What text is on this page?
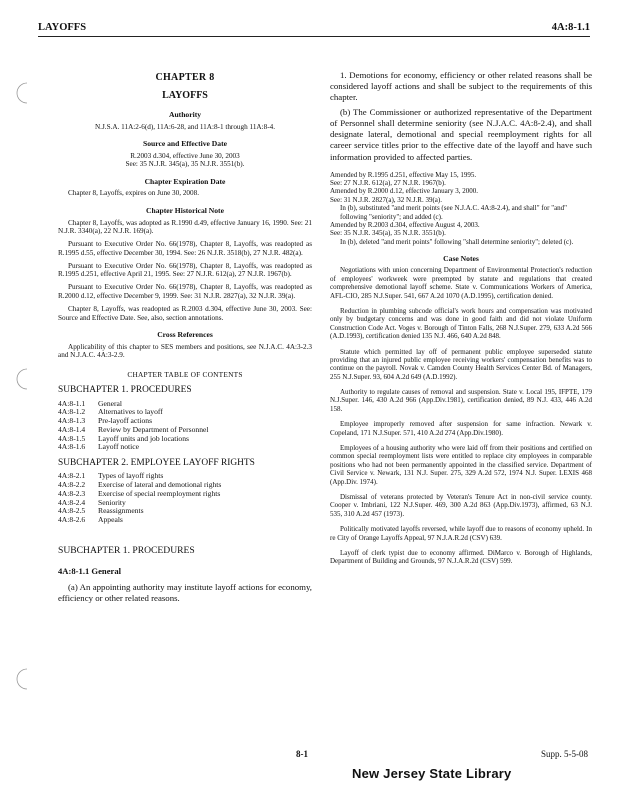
LAYOFFS	4A:8-1.1
CHAPTER 8
LAYOFFS
Authority
N.J.S.A. 11A:2-6(d), 11A:6-28, and 11A:8-1 through 11A:8-4.
Source and Effective Date
R.2003 d.304, effective June 30, 2003
See: 35 N.J.R. 345(a), 35 N.J.R. 3551(b).
Chapter Expiration Date
Chapter 8, Layoffs, expires on June 30, 2008.
Chapter Historical Note
Chapter 8, Layoffs, was adopted as R.1990 d.49, effective January 16, 1990. See: 21 N.J.R. 3340(a), 22 N.J.R. 169(a).
Pursuant to Executive Order No. 66(1978), Chapter 8, Layoffs, was readopted as R.1995 d.55, effective December 30, 1994. See: 26 N.J.R. 3518(b), 27 N.J.R. 482(a).
Pursuant to Executive Order No. 66(1978), Chapter 8, Layoffs, was readopted as R.1995 d.251, effective April 21, 1995. See: 27 N.J.R. 612(a), 27 N.J.R. 1967(b).
Pursuant to Executive Order No. 66(1978), Chapter 8, Layoffs, was readopted as R.2000 d.12, effective December 9, 1999. See: 31 N.J.R. 2827(a), 32 N.J.R. 39(a).
Chapter 8, Layoffs, was readopted as R.2003 d.304, effective June 30, 2003. See: Source and Effective Date. See, also, section annotations.
Cross References
Applicability of this chapter to SES members and positions, see N.J.A.C. 4A:3-2.3 and N.J.A.C. 4A:3-2.9.
CHAPTER TABLE OF CONTENTS
SUBCHAPTER 1. PROCEDURES
4A:8-1.1	General
4A:8-1.2	Alternatives to layoff
4A:8-1.3	Pre-layoff actions
4A:8-1.4	Review by Department of Personnel
4A:8-1.5	Layoff units and job locations
4A:8-1.6	Layoff notice
SUBCHAPTER 2. EMPLOYEE LAYOFF RIGHTS
4A:8-2.1	Types of layoff rights
4A:8-2.2	Exercise of lateral and demotional rights
4A:8-2.3	Exercise of special reemployment rights
4A:8-2.4	Seniority
4A:8-2.5	Reassignments
4A:8-2.6	Appeals
SUBCHAPTER 1. PROCEDURES
4A:8-1.1 General
(a) An appointing authority may institute layoff actions for economy, efficiency or other related reasons.
1. Demotions for economy, efficiency or other related reasons shall be considered layoff actions and shall be subject to the requirements of this chapter.
(b) The Commissioner or authorized representative of the Department of Personnel shall determine seniority (see N.J.A.C. 4A:8-2.4), and shall designate lateral, demotional and special reemployment rights for all career service titles prior to the effective date of the layoff and have such information provided to affected parties.
Amended by R.1995 d.251, effective May 15, 1995.
See: 27 N.J.R. 612(a), 27 N.J.R. 1967(b).
Amended by R.2000 d.12, effective January 3, 2000.
See: 31 N.J.R. 2827(a), 32 N.J.R. 39(a).
In (b), substituted "and merit points (see N.J.A.C. 4A:8-2.4), and shall" for "and" following "seniority"; and added (c).
Amended by R.2003 d.304, effective August 4, 2003.
See: 35 N.J.R. 345(a), 35 N.J.R. 3551(b).
In (b), deleted "and merit points" following "shall determine seniority"; deleted (c).
Case Notes
Negotiations with union concerning Department of Environmental Protection's reduction of employees' workweek were preempted by statute and regulations that created comprehensive demotional layoff scheme. State v. Communications Workers of America, AFL-CIO, 285 N.J.Super. 541, 667 A.2d 1070 (A.D.1995), certification denied.
Reduction in plumbing subcode official's work hours and compensation was motivated only by budgetary concerns and was done in good faith and did not violate Uniform Construction Code Act. Voges v. Borough of Tinton Falls, 268 N.J.Super. 279, 633 A.2d 566 (A.D.1993), certification denied 135 N.J. 466, 640 A.2d 848.
Statute which permitted lay off of permanent public employee superseded statute providing that an injured public employee receiving workers' compensation benefits was to continue on the payroll. Novak v. Camden County Health Services Center Bd. of Managers, 255 N.J.Super. 93, 604 A.2d 649 (A.D.1992).
Authority to regulate causes of removal and suspension. State v. Local 195, IFPTE, 179 N.J.Super. 146, 430 A.2d 966 (App.Div.1981), certification denied, 89 N.J. 433, 446 A.2d 158.
Employee improperly removed after suspension for same infraction. Newark v. Copeland, 171 N.J.Super. 571, 410 A.2d 274 (App.Div.1980).
Employees of a housing authority who were laid off from their positions and certified on common special reemployment lists were entitled to replace city employees in comparable positions who had not been permanently appointed in the classified service. Department of Civil Service v. Newark, 131 N.J. Super. 275, 329 A.2d 572, 1974 N.J. Super. LEXIS 468 (App.Div. 1974).
Dismissal of veterans protected by Veteran's Tenure Act in non-civil service county. Cooper v. Imbriani, 122 N.J.Super. 469, 300 A.2d 863 (App.Div.1973), affirmed, 63 N.J. 535, 310 A.2d 457 (1973).
Politically motivated layoffs reversed, while layoff due to reasons of economy upheld. In re City of Orange Layoffs Appeal, 97 N.J.A.R.2d (CSV) 639.
Layoff of clerk typist due to economy affirmed. DiMarco v. Borough of Highlands, Department of Building and Grounds, 97 N.J.A.R.2d (CSV) 599.
8-1	Supp. 5-5-08
New Jersey State Library
